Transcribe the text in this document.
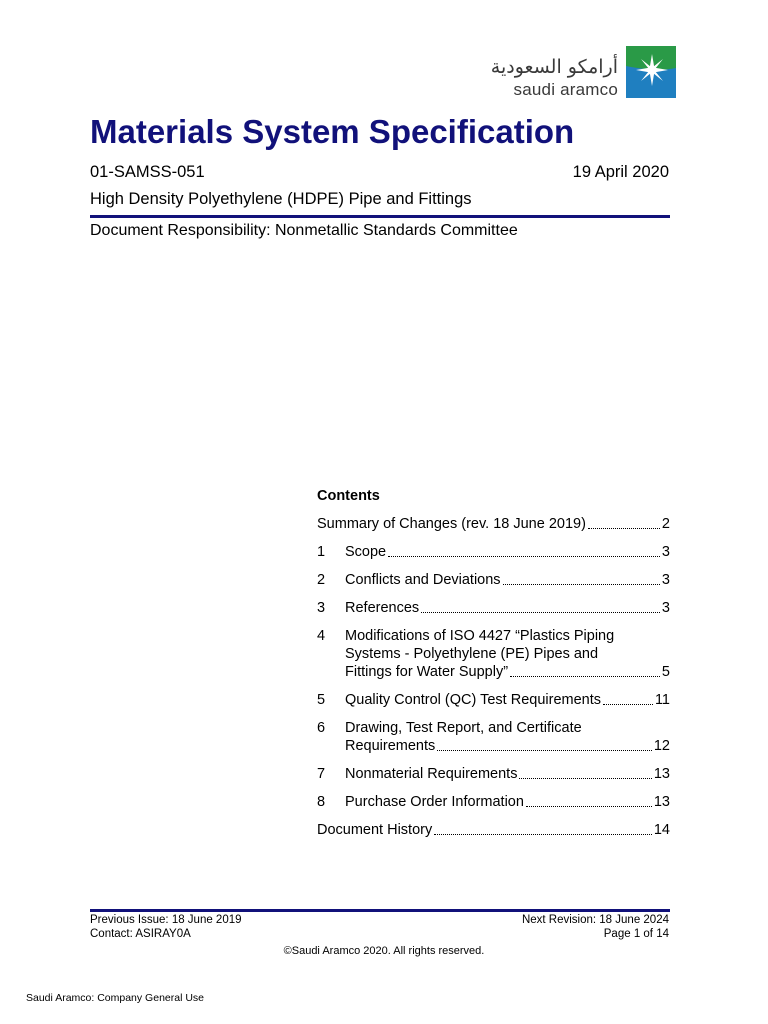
أرامكو السعودية
saudi aramco
Materials System Specification
01-SAMSS-051	19 April 2020
High Density Polyethylene (HDPE) Pipe and Fittings
Document Responsibility: Nonmetallic Standards Committee
Contents
Summary of Changes (rev. 18 June 2019)	2
1	Scope	3
2	Conflicts and Deviations	3
3	References	3
4	Modifications of ISO 4427 “Plastics Piping
Systems - Polyethylene (PE) Pipes and
Fittings for Water Supply”	5
5	Quality Control (QC) Test Requirements	11
6	Drawing, Test Report, and Certificate
Requirements	12
7	Nonmaterial Requirements	13
8	Purchase Order Information	13
Document History	14
Previous Issue: 18 June 2019
Contact: ASIRAY0A
Next Revision: 18 June 2024
Page 1 of 14
©Saudi Aramco 2020. All rights reserved.
Saudi Aramco: Company General Use
